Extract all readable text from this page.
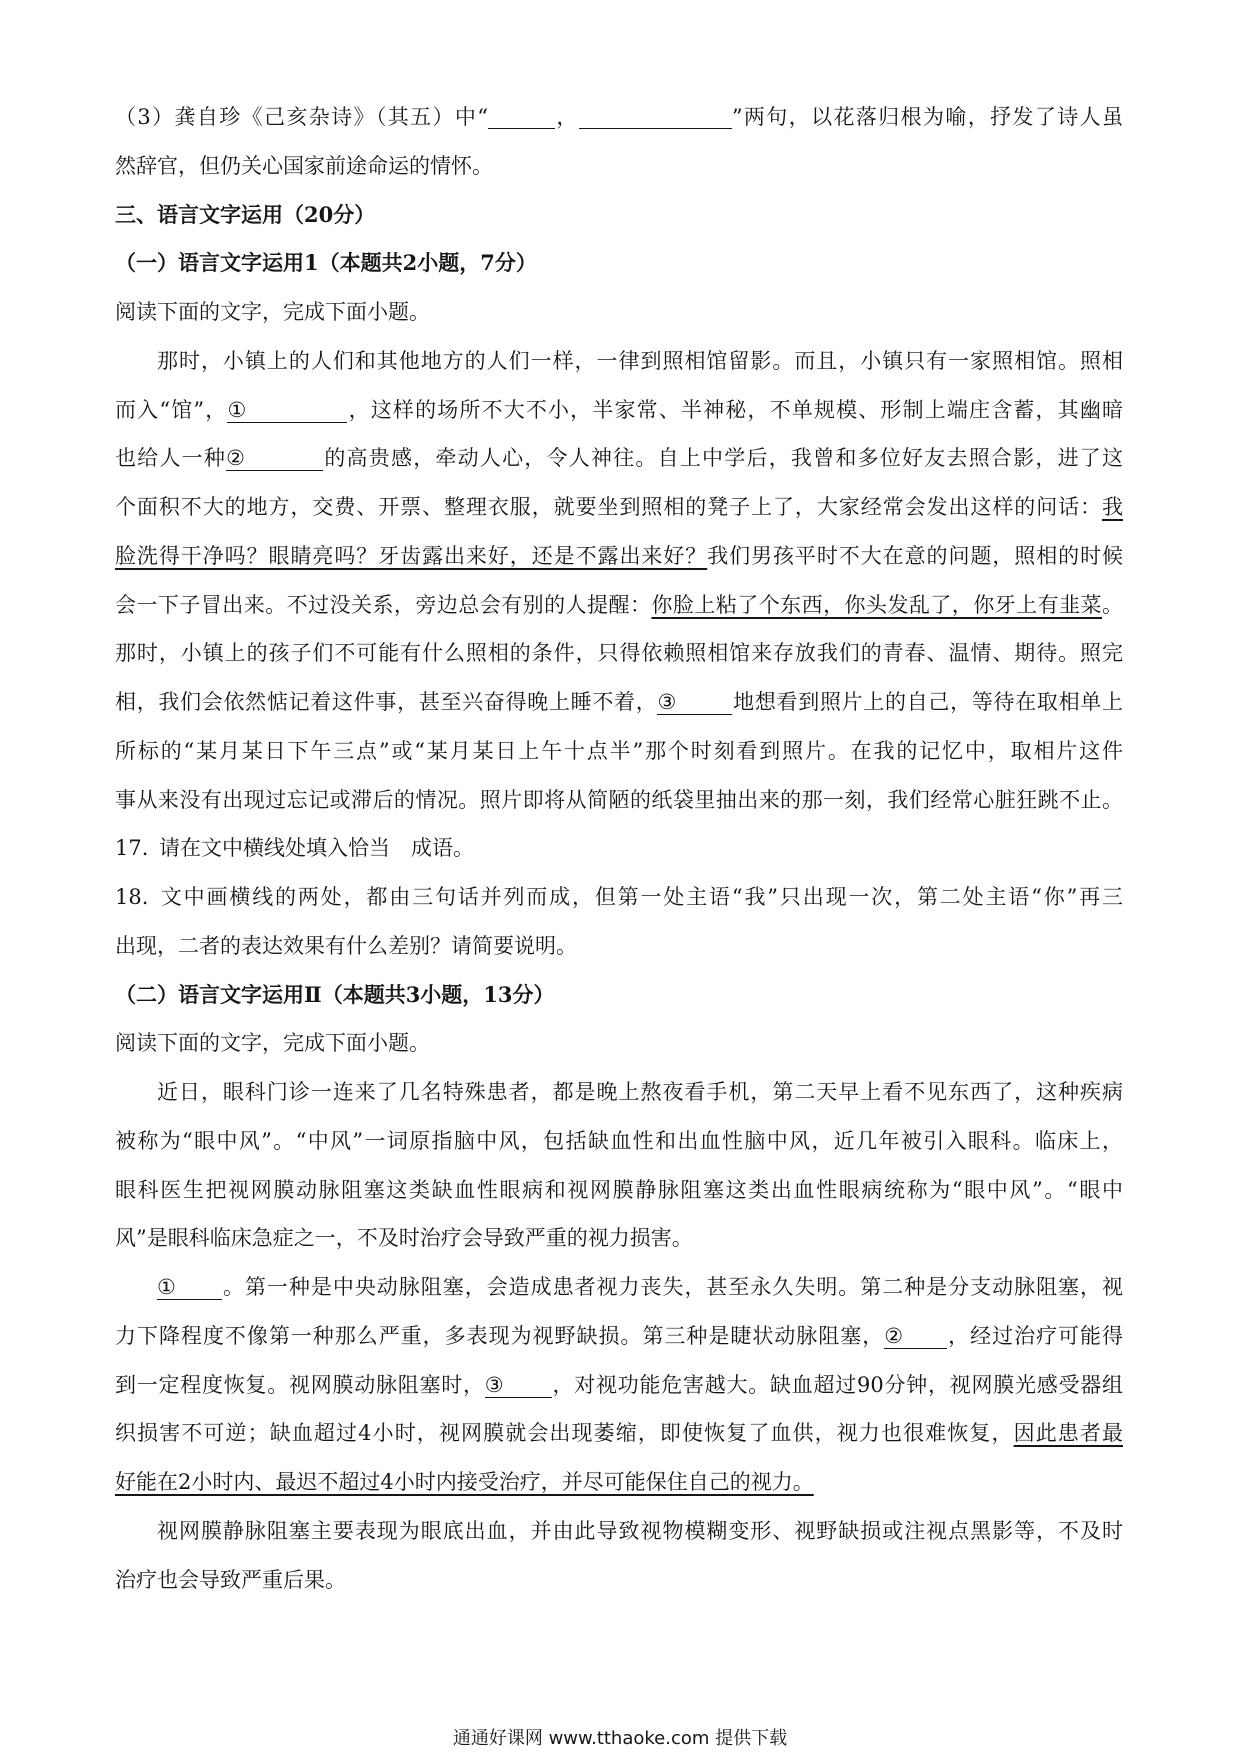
（3）龚自珍《己亥杂诗》（其五）中“	，	”两句，以花落归根为喻，抒发了诗人虽
然辞官，但仍关心国家前途命运的情怀。
三、语言文字运用（20分）
（一）语言文字运用1（本题共2小题，7分）
阅读下面的文字，完成下面小题。
那时，小镇上的人们和其他地方的人们一样，一律到照相馆留影。而且，小镇只有一家照相馆。照相
而入“馆”，①	，这样的场所不大不小，半家常、半神秘，不单规模、形制上端庄含蓄，其幽暗
也给人一种②	的高贵感，牵动人心，令人神往。自上中学后，我曾和多位好友去照合影，进了这
个面积不大的地方，交费、开票、整理衣服，就要坐到照相的凳子上了，大家经常会发出这样的问话：我
脸洗得干净吗？眼睛亮吗？牙齿露出来好，还是不露出来好？我们男孩平时不大在意的问题，照相的时候
会一下子冒出来。不过没关系，旁边总会有别的人提醒：你脸上粘了个东西，你头发乱了，你牙上有韭菜。
那时，小镇上的孩子们不可能有什么照相的条件，只得依赖照相馆来存放我们的青春、温情、期待。照完
相，我们会依然惦记着这件事，甚至兴奋得晚上睡不着，③	地想看到照片上的自己，等待在取相单上
所标的“某月某日下午三点”或“某月某日上午十点半”那个时刻看到照片。在我的记忆中，取相片这件
事从来没有出现过忘记或滞后的情况。照片即将从简陋的纸袋里抽出来的那一刻，我们经常心脏狂跳不止。
17. 请在文中横线处填入恰当　成语。
18. 文中画横线的两处，都由三句话并列而成，但第一处主语“我”只出现一次，第二处主语“你”再三
出现，二者的表达效果有什么差别？请简要说明。
（二）语言文字运用Ⅱ（本题共3小题，13分）
阅读下面的文字，完成下面小题。
近日，眼科门诊一连来了几名特殊患者，都是晚上熬夜看手机，第二天早上看不见东西了，这种疾病
被称为“眼中风”。“中风”一词原指脑中风，包括缺血性和出血性脑中风，近几年被引入眼科。临床上，
眼科医生把视网膜动脉阻塞这类缺血性眼病和视网膜静脉阻塞这类出血性眼病统称为“眼中风”。“眼中
风”是眼科临床急症之一，不及时治疗会导致严重的视力损害。
① 。第一种是中央动脉阻塞，会造成患者视力丧失，甚至永久失明。第二种是分支动脉阻塞，视
力下降程度不像第一种那么严重，多表现为视野缺损。第三种是睫状动脉阻塞，② ，经过治疗可能得
到一定程度恢复。视网膜动脉阻塞时，③ ，对视功能危害越大。缺血超过90分钟，视网膜光感受器组
织损害不可逆；缺血超过4小时，视网膜就会出现萎缩，即使恢复了血供，视力也很难恢复，因此患者最
好能在2小时内、最迟不超过4小时内接受治疗，并尽可能保住自己的视力。
视网膜静脉阻塞主要表现为眼底出血，并由此导致视物模糊变形、视野缺损或注视点黑影等，不及时
治疗也会导致严重后果。
通通好课网 www.tthaoke.com 提供下载
